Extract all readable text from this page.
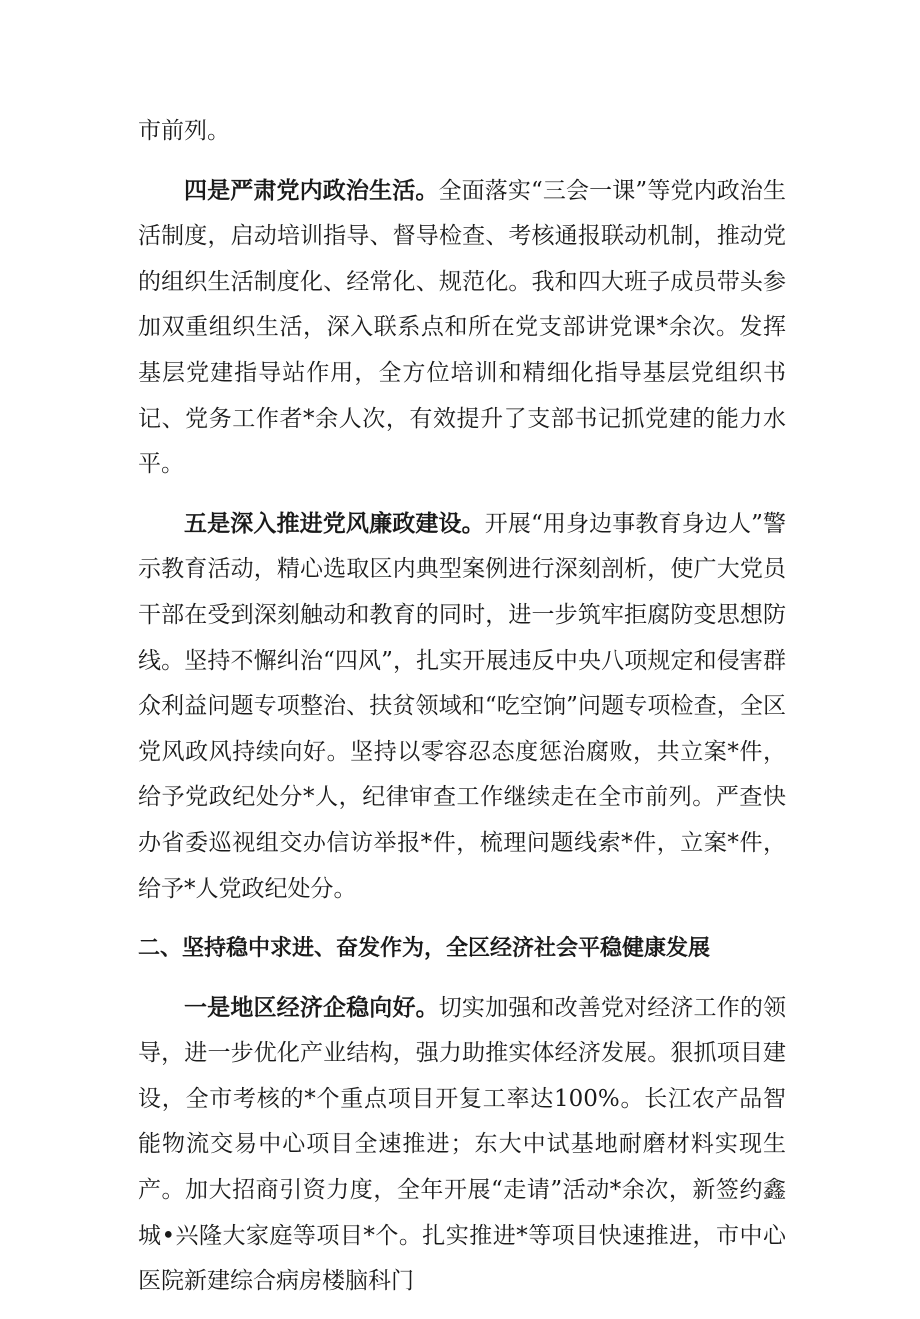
市前列。

四是严肃党内政治生活。全面落实“三会一课”等党内政治生活制度，启动培训指导、督导检查、考核通报联动机制，推动党的组织生活制度化、经常化、规范化。我和四大班子成员带头参加双重组织生活，深入联系点和所在党支部讲党课*余次。发挥基层党建指导站作用，全方位培训和精细化指导基层党组织书记、党务工作者*余人次，有效提升了支部书记抓党建的能力水平。

五是深入推进党风廉政建设。开展“用身边事教育身边人”警示教育活动，精心选取区内典型案例进行深刻剖析，使广大党员干部在受到深刻触动和教育的同时，进一步筑牢拒腐防变思想防线。坚持不懈纠治“四风”，扎实开展违反中央八项规定和侵害群众利益问题专项整治、扶贫领域和“吃空饷”问题专项检查，全区党风政风持续向好。坚持以零容忍态度惩治腐败，共立案*件，给予党政纪处分*人，纪律审查工作继续走在全市前列。严查快办省委巡视组交办信访举报*件，梳理问题线索*件，立案*件，给予*人党政纪处分。

二、坚持稳中求进、奋发作为，全区经济社会平稳健康发展

一是地区经济企稳向好。切实加强和改善党对经济工作的领导，进一步优化产业结构，强力助推实体经济发展。狠抓项目建设，全市考核的*个重点项目开复工率达100%。长江农产品智能物流交易中心项目全速推进；东大中试基地耐磨材料实现生产。加大招商引资力度，全年开展“走请”活动*余次，新签约鑫城•兴隆大家庭等项目*个。扎实推进*等项目快速推进，市中心医院新建综合病房楼脑科门
